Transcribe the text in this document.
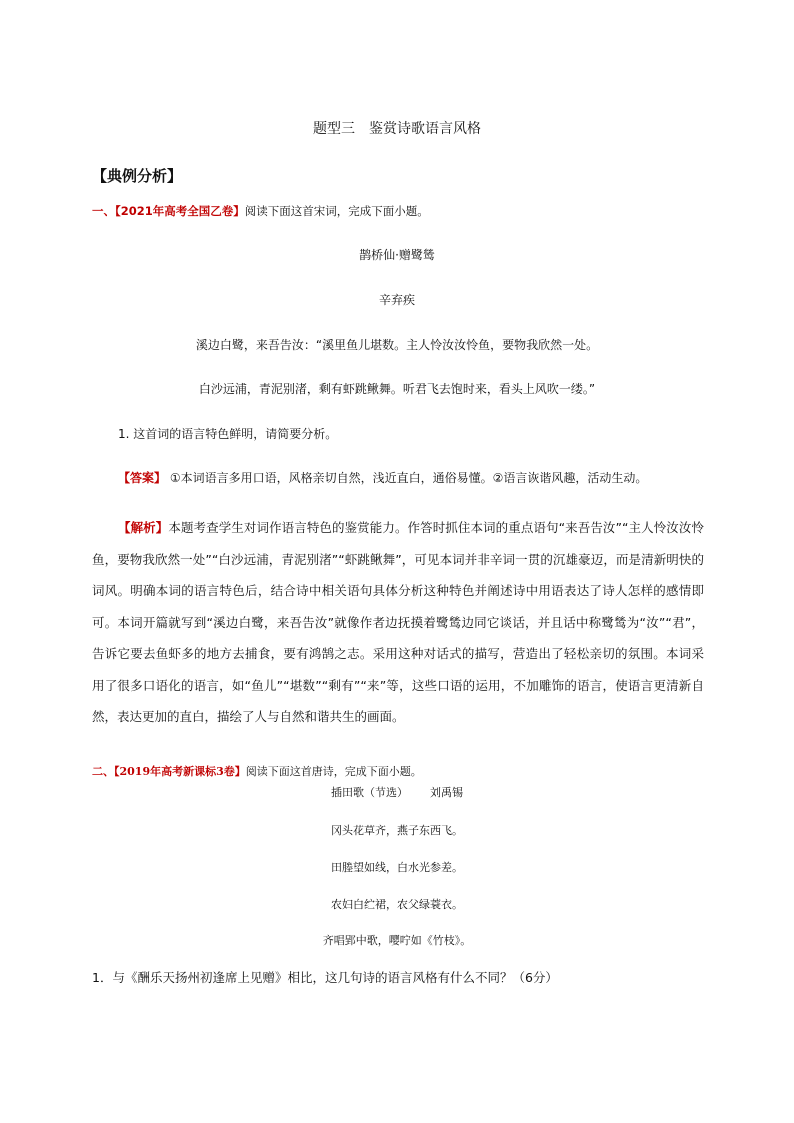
题型三 鉴赏诗歌语言风格
【典例分析】
一、【2021年高考全国乙卷】阅读下面这首宋词，完成下面小题。
鹊桥仙·赠鹭鸶
辛弃疾
溪边白鹭，来吾告汝：“溪里鱼儿堪数。主人怜汝汝怜鱼，要物我欣然一处。
白沙远浦，青泥别渚，剩有虾跳鳅舞。听君飞去饱时来，看头上风吹一缕。”
1. 这首词的语言特色鲜明，请简要分析。
【答案】 ①本词语言多用口语，风格亲切自然，浅近直白，通俗易懂。②语言诙谐风趣，活动生动。
【解析】本题考查学生对词作语言特色的鉴赏能力。作答时抓住本词的重点语句“来吾告汝”“主人怜汝汝怜鱼，要物我欣然一处”“白沙远浦，青泥别渚”“虾跳鳅舞”，可见本词并非辛词一贯的沉雄豪迈，而是清新明快的词风。明确本词的语言特色后，结合诗中相关语句具体分析这种特色并阐述诗中用语表达了诗人怎样的感情即可。本词开篇就写到“溪边白鹭，来吾告汝”就像作者边抚摸着鹭鸶边同它谈话，并且话中称鹭鸶为“汝”“君”，告诉它要去鱼虾多的地方去捕食，要有鸿鹄之志。采用这种对话式的描写，营造出了轻松亲切的氛围。本词采用了很多口语化的语言，如“鱼儿”“堪数”“剩有”“来”等，这些口语的运用，不加雕饰的语言，使语言更清新自然，表达更加的直白，描绘了人与自然和谐共生的画面。
二、【2019年高考新课标3卷】阅读下面这首唐诗，完成下面小题。
插田歌（节选） 刘禹锡
冈头花草齐，燕子东西飞。
田塍望如线，白水光参差。
农妇白纻裙，农父绿蓑衣。
齐唱郢中歌，嘤咛如《竹枝》。
1．与《酬乐天扬州初逢席上见赠》相比，这几句诗的语言风格有什么不同？（6分）
